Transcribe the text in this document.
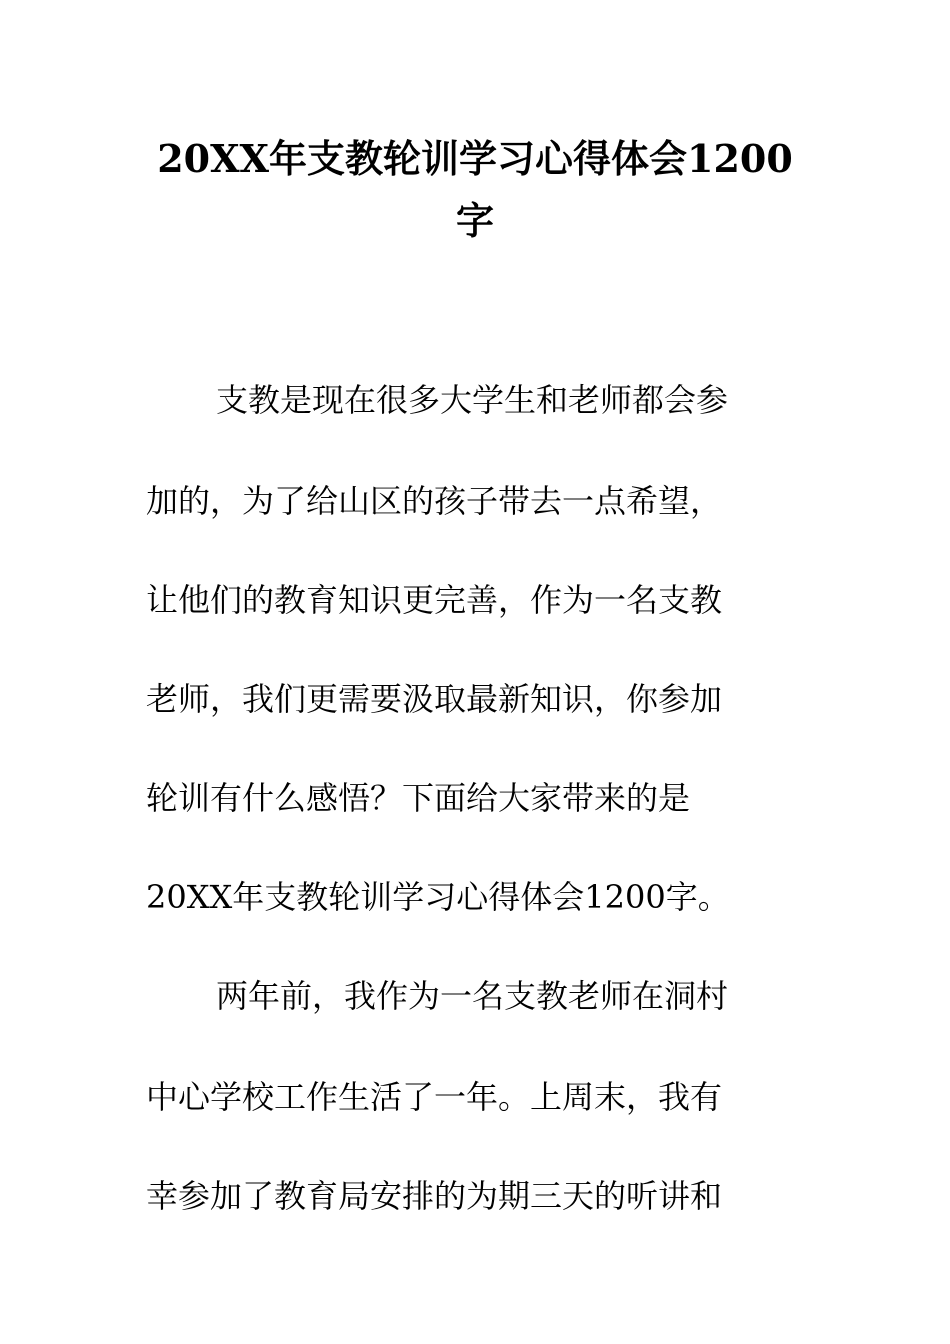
20XX年支教轮训学习心得体会1200
字
支教是现在很多大学生和老师都会参
加的，为了给山区的孩子带去一点希望，
让他们的教育知识更完善，作为一名支教
老师，我们更需要汲取最新知识，你参加
轮训有什么感悟？下面给大家带来的是
20XX年支教轮训学习心得体会1200字。
两年前，我作为一名支教老师在洞村
中心学校工作生活了一年。上周末，我有
幸参加了教育局安排的为期三天的听讲和
